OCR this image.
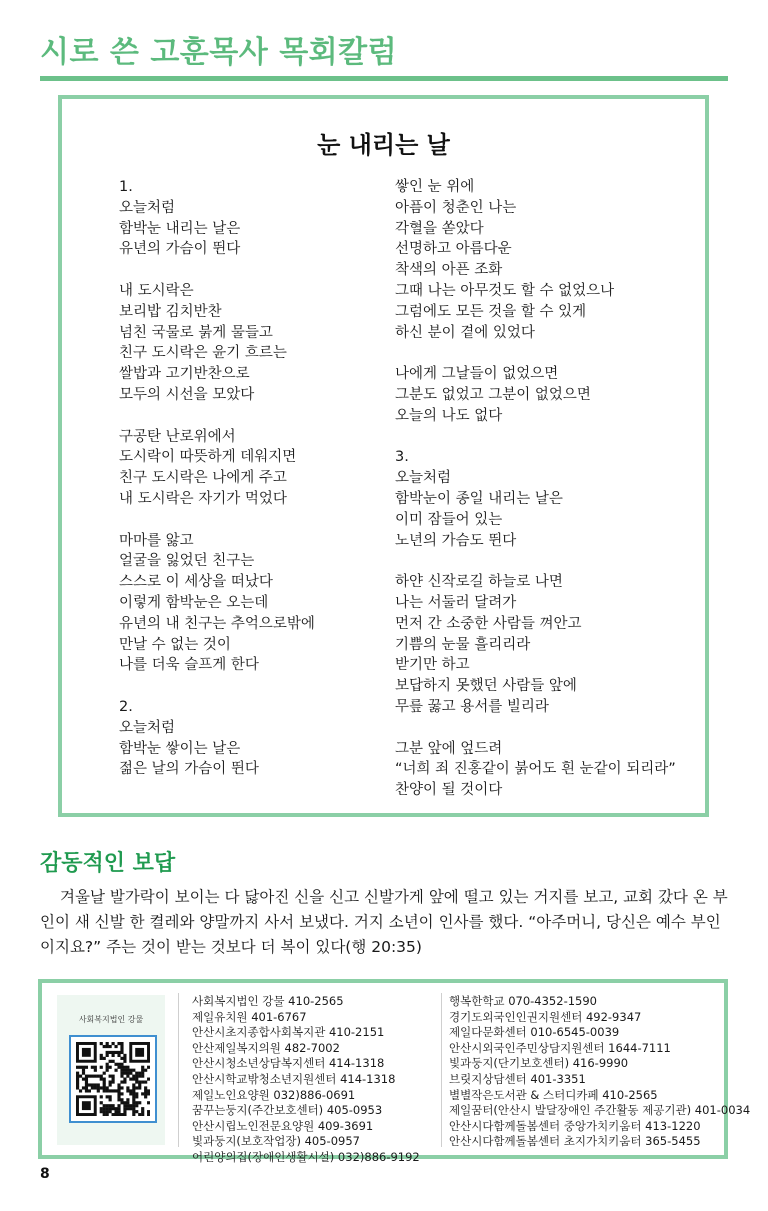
시로 쓴 고훈목사 목회칼럼
눈 내리는 날
1.
오늘처럼
함박눈 내리는 날은
유년의 가슴이 뛴다
내 도시락은
보리밥 김치반찬
넘친 국물로 붉게 물들고
친구 도시락은 윤기 흐르는
쌀밥과 고기반찬으로
모두의 시선을 모았다
구공탄 난로위에서
도시락이 따뜻하게 데워지면
친구 도시락은 나에게 주고
내 도시락은 자기가 먹었다
마마를 앓고
얼굴을 잃었던 친구는
스스로 이 세상을 떠났다
이렇게 함박눈은 오는데
유년의 내 친구는 추억으로밖에
만날 수 없는 것이
나를 더욱 슬프게 한다
2.
오늘처럼
함박눈 쌓이는 날은
젊은 날의 가슴이 뛴다
쌓인 눈 위에
아픔이 청춘인 나는
각혈을 쏟았다
선명하고 아름다운
착색의 아픈 조화
그때 나는 아무것도 할 수 없었으나
그럼에도 모든 것을 할 수 있게
하신 분이 곁에 있었다
나에게 그날들이 없었으면
그분도 없었고 그분이 없었으면
오늘의 나도 없다
3.
오늘처럼
함박눈이 종일 내리는 날은
이미 잠들어 있는
노년의 가슴도 뛴다
하얀 신작로길 하늘로 나면
나는 서둘러 달려가
먼저 간 소중한 사람들 껴안고
기쁨의 눈물 흘리리라
받기만 하고
보답하지 못했던 사람들 앞에
무릎 꿇고 용서를 빌리라
그분 앞에 엎드려
“너희 죄 진홍같이 붉어도 흰 눈같이 되리라”
찬양이 될 것이다
감동적인 보답

겨울날 발가락이 보이는 다 닳아진 신을 신고 신발가게 앞에 떨고 있는 거지를 보고, 교회 갔다 온 부인이 새 신발 한 켤레와 양말까지 사서 보냈다. 거지 소년이 인사를 했다. “아주머니, 당신은 예수 부인이지요?” 주는 것이 받는 것보다 더 복이 있다(행 20:35)

사회복지법인 강물
사회복지법인 강물 410-2565
제일유치원 401-6767
안산시초지종합사회복지관 410-2151
안산제일복지의원 482-7002
안산시청소년상담복지센터 414-1318
안산시학교밖청소년지원센터 414-1318
제일노인요양원 032)886-0691
꿈꾸는둥지(주간보호센터) 405-0953
안산시립노인전문요양원 409-3691
빛과둥지(보호작업장) 405-0957
어린양의집(장애인생활시설) 032)886-9192
행복한학교 070-4352-1590
경기도외국인인권지원센터 492-9347
제일다문화센터 010-6545-0039
안산시외국인주민상담지원센터 1644-7111
빛과둥지(단기보호센터) 416-9990
브릿지상담센터 401-3351
별별작은도서관 & 스터디카페 410-2565
제일꿈터(안산시 발달장애인 주간활동 제공기관) 401-0034
안산시다함께돌봄센터 중앙가치키움터 413-1220
안산시다함께돌봄센터 초지가치키움터 365-5455
8
